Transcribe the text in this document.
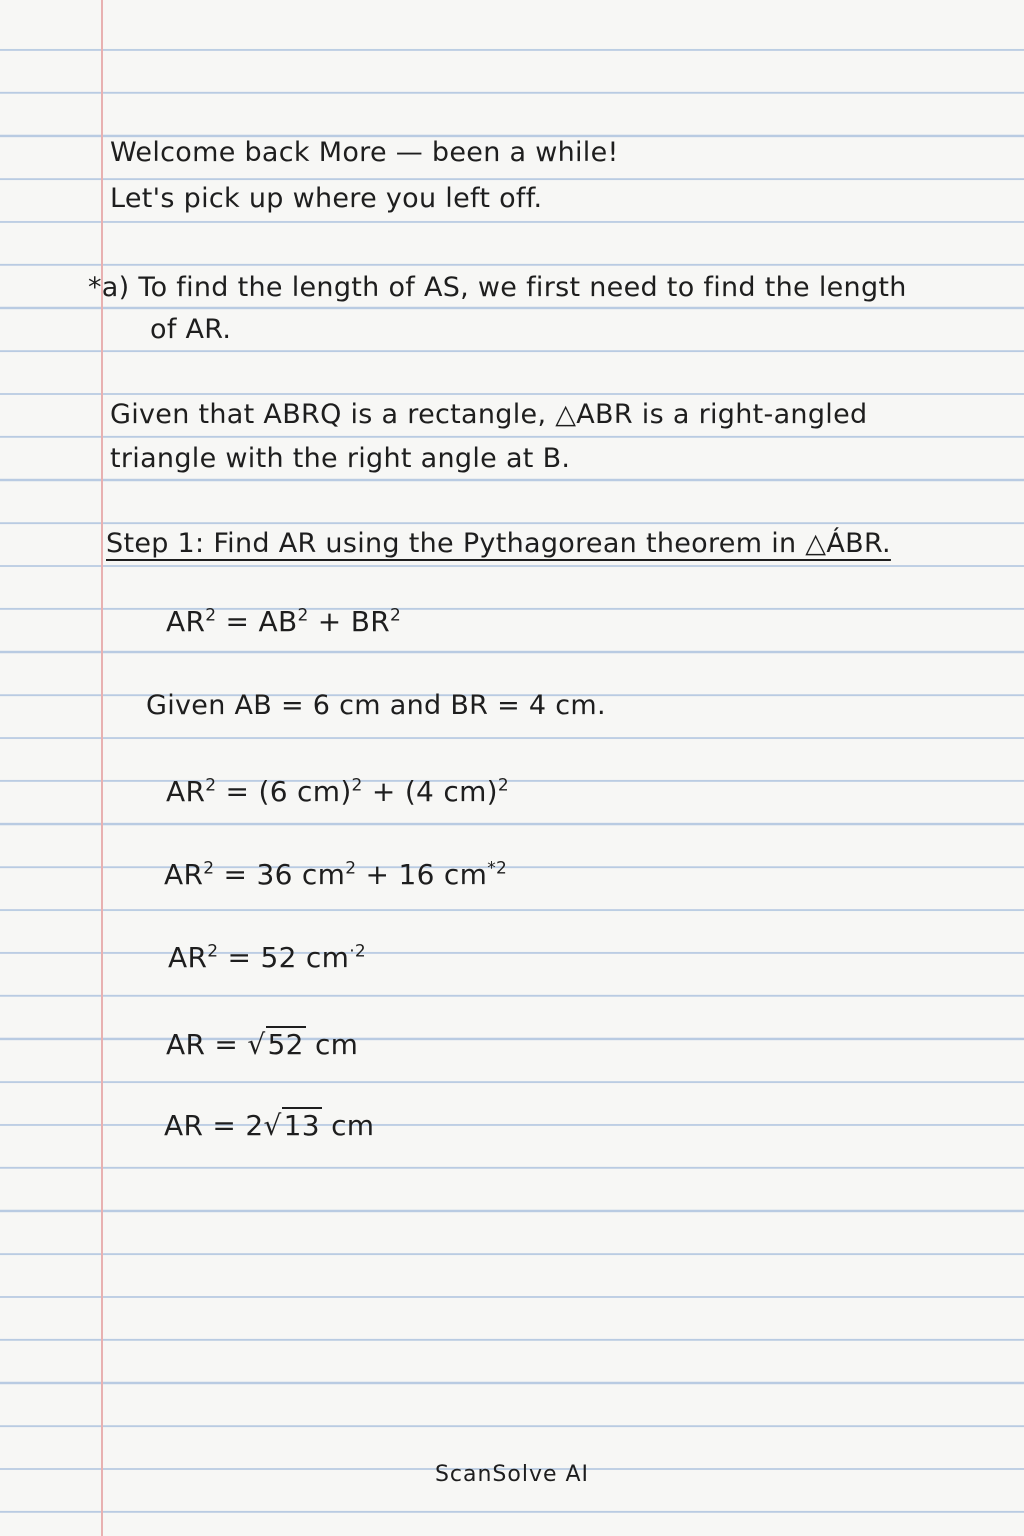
Welcome back More — been a while!
Let's pick up where you left off.
*a) To find the length of AS, we first need to find the length
of AR.
Given that ABRQ is a rectangle, △ABR is a right-angled
triangle with the right angle at B.
Step 1: Find AR using the Pythagorean theorem in △ÁBR.
$AR^2 = AB^2 + BR^2$
Given AB = 6 cm and BR = 4 cm.
$AR^2 = (6$ cm)$^2$ + (4 cm)$^2$
$AR^2 = 36$ $cm^2 + 16$ $cm^{*2}$
$AR^2 = 52$ $cm^{\cdot 2}$
AR = √52 cm
AR = 2√13 cm
ScanSolve AI
